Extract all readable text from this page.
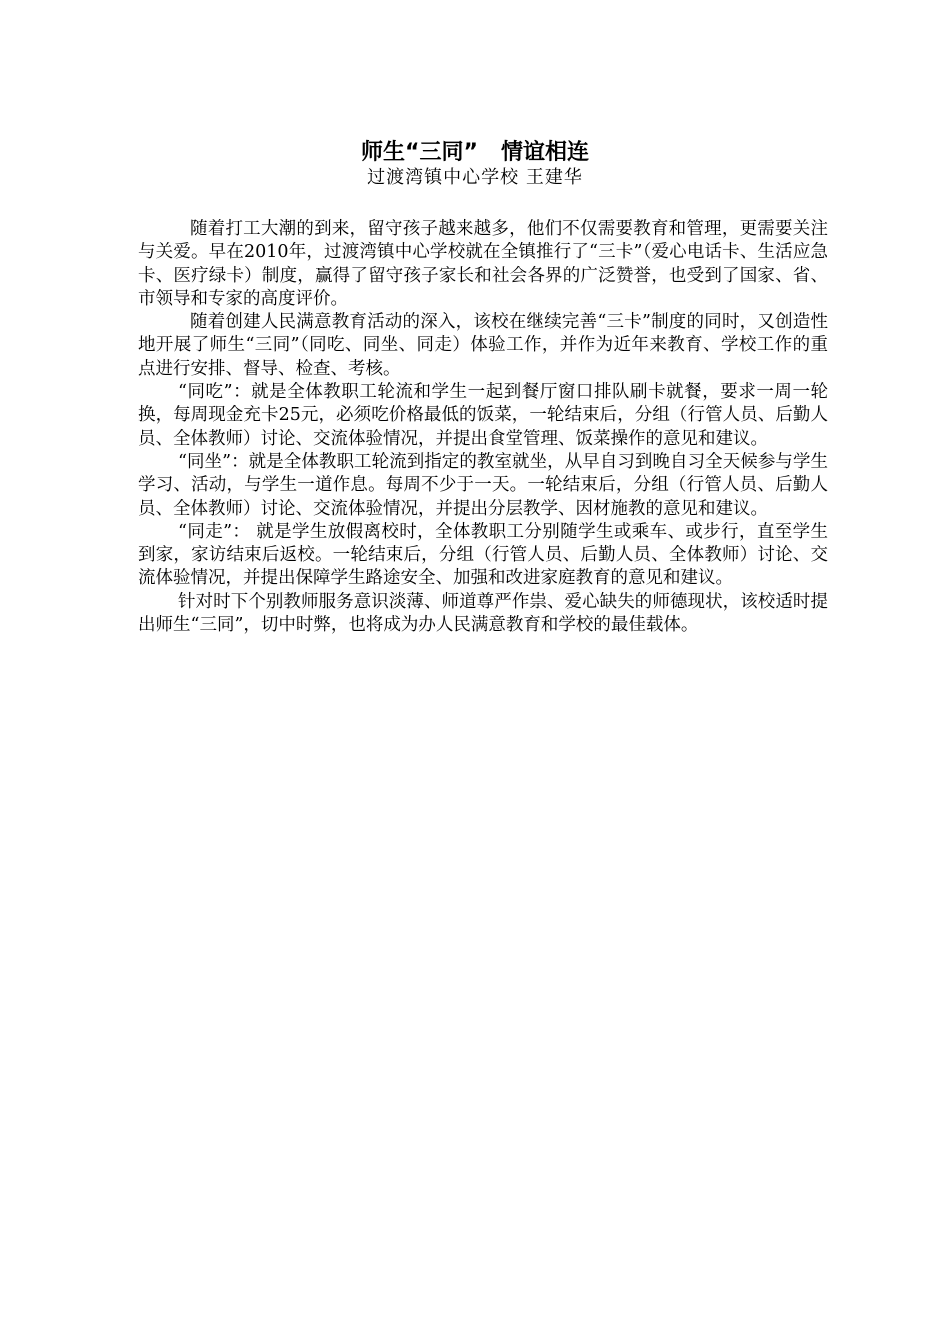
师生“三同”   情谊相连
过渡湾镇中心学校 王建华

随着打工大潮的到来，留守孩子越来越多，他们不仅需要教育和管理，更需要关注与关爱。早在2010年，过渡湾镇中心学校就在全镇推行了“三卡”（爱心电话卡、生活应急卡、医疗绿卡）制度，赢得了留守孩子家长和社会各界的广泛赞誉，也受到了国家、省、市领导和专家的高度评价。

随着创建人民满意教育活动的深入，该校在继续完善“三卡”制度的同时，又创造性地开展了师生“三同”（同吃、同坐、同走）体验工作，并作为近年来教育、学校工作的重点进行安排、督导、检查、考核。

“同吃”：就是全体教职工轮流和学生一起到餐厅窗口排队刷卡就餐，要求一周一轮换，每周现金充卡25元，必须吃价格最低的饭菜，一轮结束后，分组（行管人员、后勤人员、全体教师）讨论、交流体验情况，并提出食堂管理、饭菜操作的意见和建议。

“同坐”：就是全体教职工轮流到指定的教室就坐，从早自习到晚自习全天候参与学生学习、活动，与学生一道作息。每周不少于一天。一轮结束后，分组（行管人员、后勤人员、全体教师）讨论、交流体验情况，并提出分层教学、因材施教的意见和建议。

“同走”： 就是学生放假离校时，全体教职工分别随学生或乘车、或步行，直至学生到家，家访结束后返校。一轮结束后，分组（行管人员、后勤人员、全体教师）讨论、交流体验情况，并提出保障学生路途安全、加强和改进家庭教育的意见和建议。

针对时下个别教师服务意识淡薄、师道尊严作祟、爱心缺失的师德现状，该校适时提出师生“三同”，切中时弊，也将成为办人民满意教育和学校的最佳载体。
